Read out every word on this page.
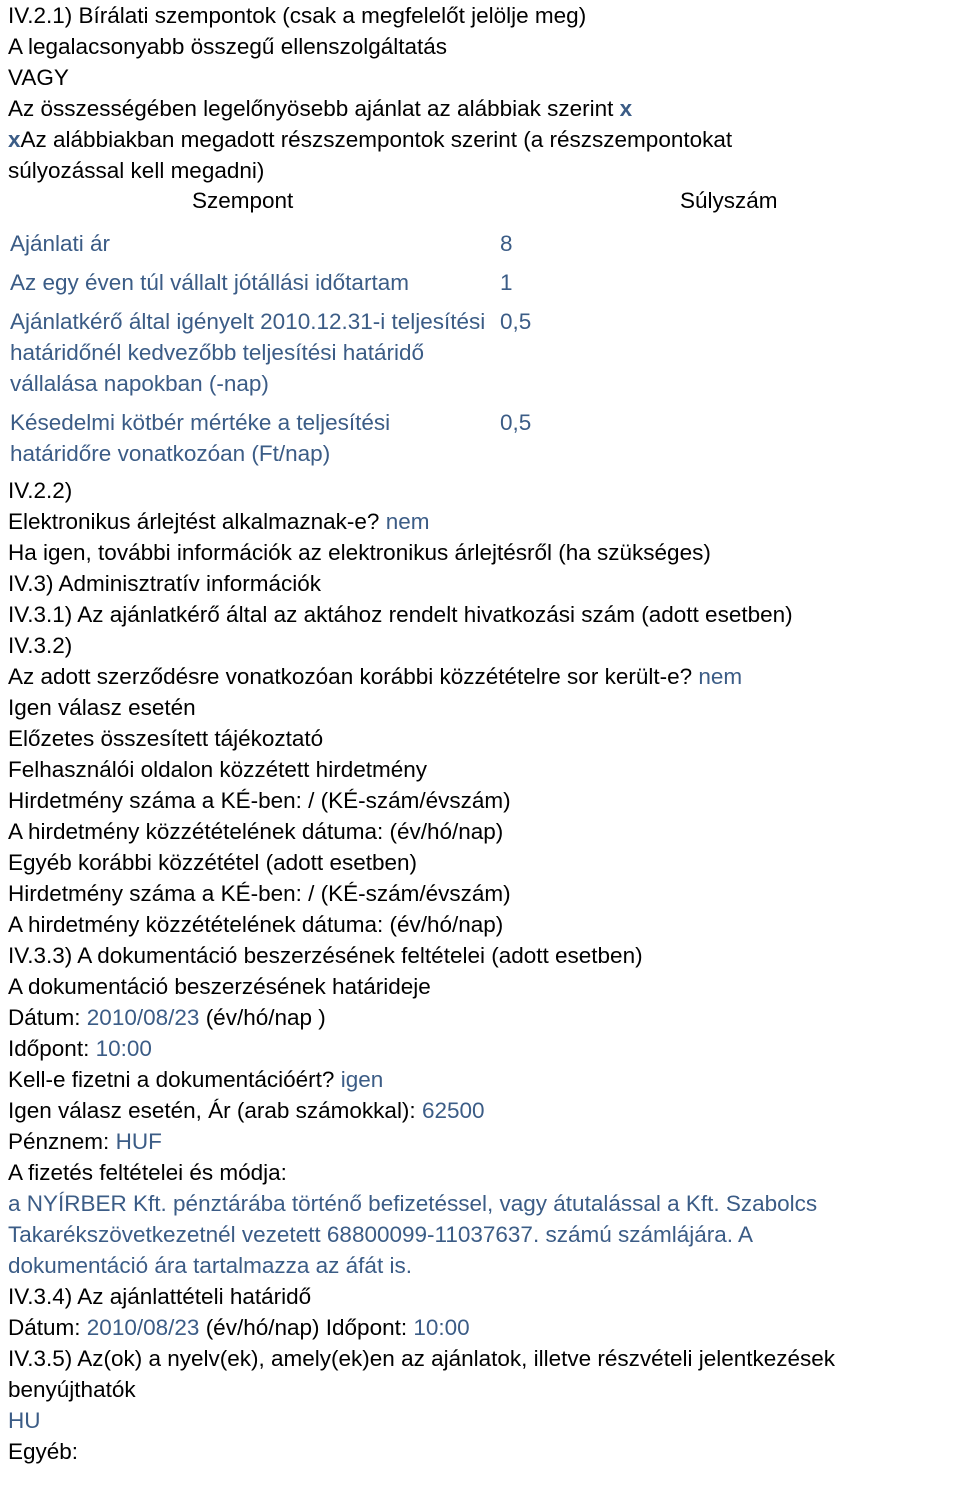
IV.2.1) Bírálati szempontok (csak a megfelelőt jelölje meg)
A legalacsonyabb összegű ellenszolgáltatás
VAGY
Az összességében legelőnyösebb ajánlat az alábbiak szerint x
xAz alábbiakban megadott részszempontok szerint (a részszempontokat
súlyozással kell megadni)
Szempont	Súlyszám
Ajánlati ár	8
Az egy éven túl vállalt jótállási időtartam	1
Ajánlatkérő által igényelt 2010.12.31-i teljesítési határidőnél kedvezőbb teljesítési határidő vállalása napokban (-nap)	0,5
Késedelmi kötbér mértéke a teljesítési határidőre vonatkozóan (Ft/nap)	0,5
IV.2.2)
Elektronikus árlejtést alkalmaznak-e? nem
Ha igen, további információk az elektronikus árlejtésről (ha szükséges)
IV.3) Adminisztratív információk
IV.3.1) Az ajánlatkérő által az aktához rendelt hivatkozási szám (adott esetben)
IV.3.2)
Az adott szerződésre vonatkozóan korábbi közzétételre sor került-e? nem
Igen válasz esetén
Előzetes összesített tájékoztató
Felhasználói oldalon közzétett hirdetmény
Hirdetmény száma a KÉ-ben: / (KÉ-szám/évszám)
A hirdetmény közzétételének dátuma: (év/hó/nap)
Egyéb korábbi közzététel (adott esetben)
Hirdetmény száma a KÉ-ben: / (KÉ-szám/évszám)
A hirdetmény közzétételének dátuma: (év/hó/nap)
IV.3.3) A dokumentáció beszerzésének feltételei (adott esetben)
A dokumentáció beszerzésének határideje
Dátum: 2010/08/23 (év/hó/nap )
Időpont: 10:00
Kell-e fizetni a dokumentációért? igen
Igen válasz esetén, Ár (arab számokkal): 62500
Pénznem: HUF
A fizetés feltételei és módja:
a NYÍRBER Kft. pénztárába történő befizetéssel, vagy átutalással a Kft. Szabolcs
Takarékszövetkezetnél vezetett 68800099-11037637. számú számlájára. A
dokumentáció ára tartalmazza az áfát is.
IV.3.4) Az ajánlattételi határidő
Dátum: 2010/08/23 (év/hó/nap) Időpont: 10:00
IV.3.5) Az(ok) a nyelv(ek), amely(ek)en az ajánlatok, illetve részvételi jelentkezések
benyújthatók
HU
Egyéb:
